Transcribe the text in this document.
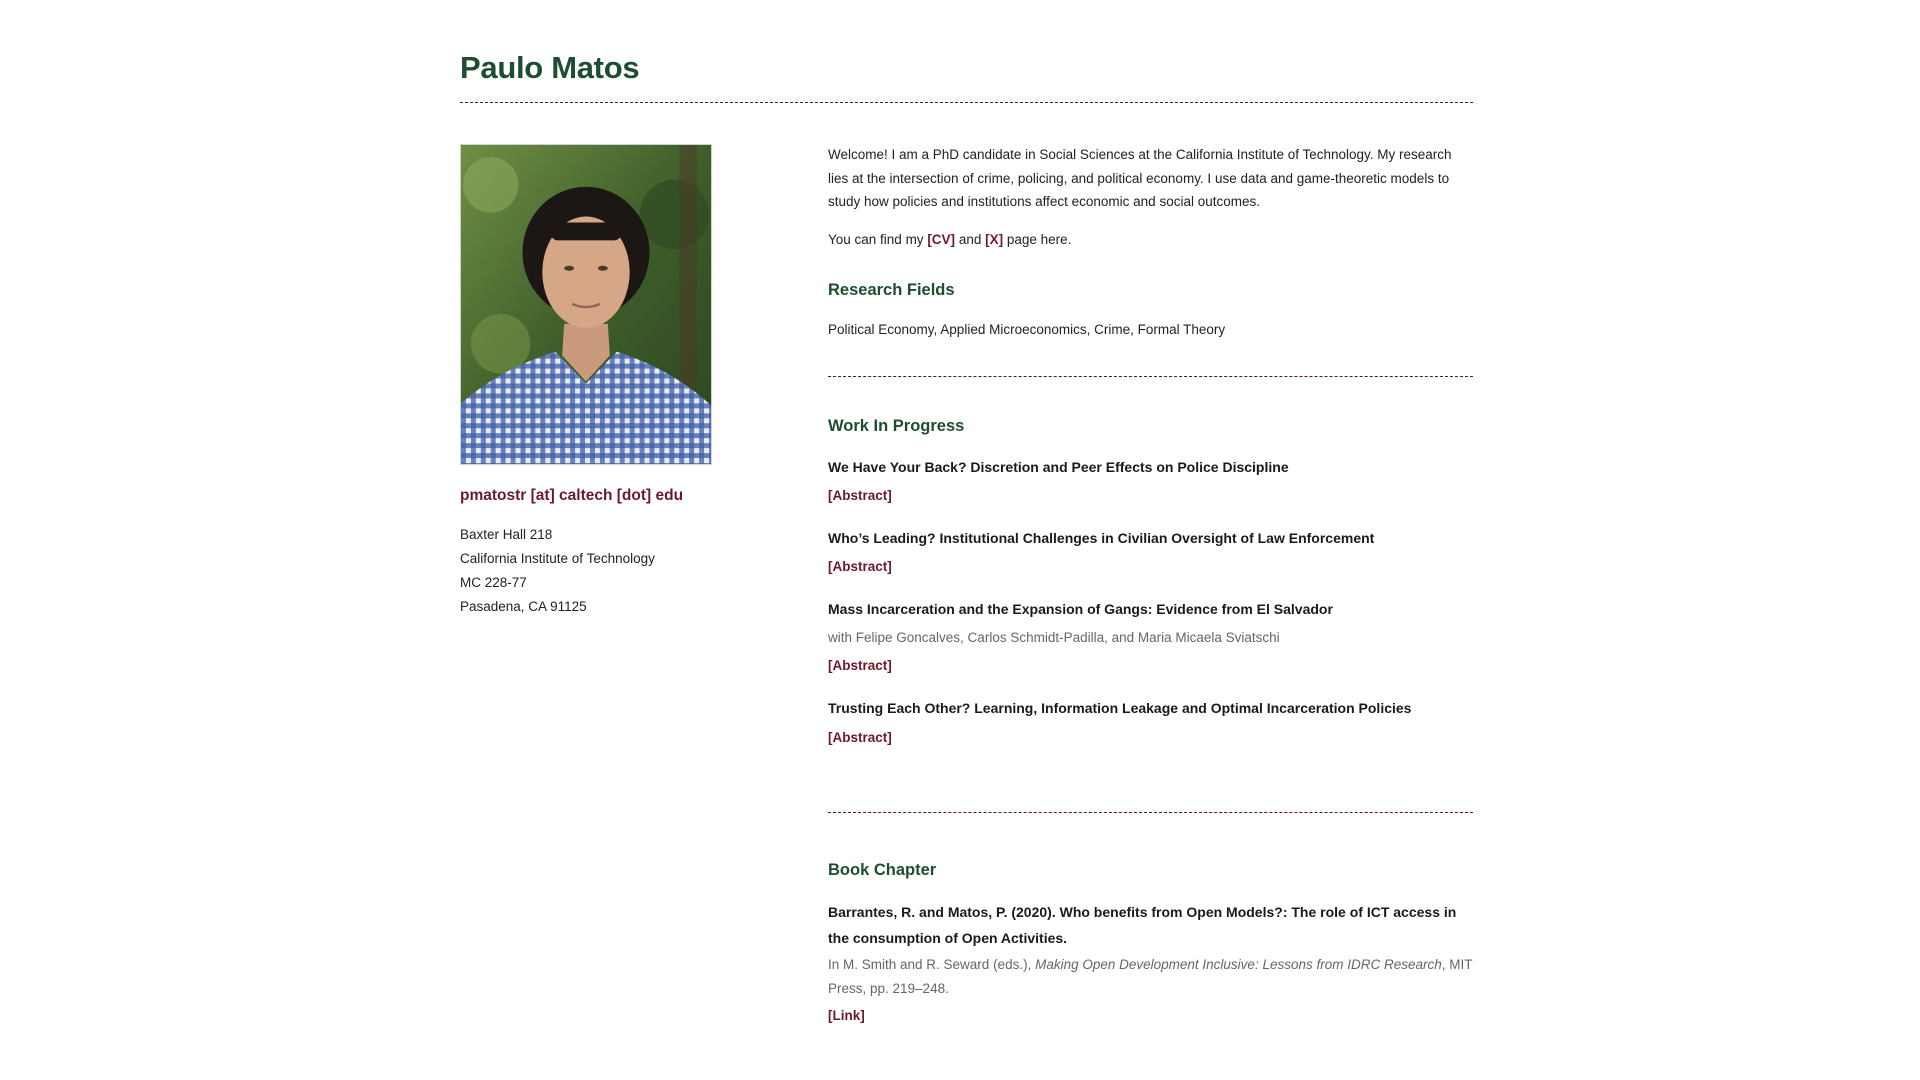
Paulo Matos
pmatostr [at] caltech [dot] edu
Baxter Hall 218
California Institute of Technology
MC 228-77
Pasadena, CA 91125

Welcome! I am a PhD candidate in Social Sciences at the California Institute of Technology. My research lies at the intersection of crime, policing, and political economy. I use data and game-theoretic models to study how policies and institutions affect economic and social outcomes.

You can find my [CV] and [X] page here.

Research Fields

Political Economy, Applied Microeconomics, Crime, Formal Theory

Work In Progress
We Have Your Back? Discretion and Peer Effects on Police Discipline
[Abstract]
Who’s Leading? Institutional Challenges in Civilian Oversight of Law Enforcement
[Abstract]
Mass Incarceration and the Expansion of Gangs: Evidence from El Salvador
with Felipe Goncalves, Carlos Schmidt-Padilla, and Maria Micaela Sviatschi
[Abstract]
Trusting Each Other? Learning, Information Leakage and Optimal Incarceration Policies
[Abstract]
Book Chapter
Barrantes, R. and Matos, P. (2020). Who benefits from Open Models?: The role of ICT access in the consumption of Open Activities.
In M. Smith and R. Seward (eds.), Making Open Development Inclusive: Lessons from IDRC Research, MIT Press, pp. 219–248.
[Link]
